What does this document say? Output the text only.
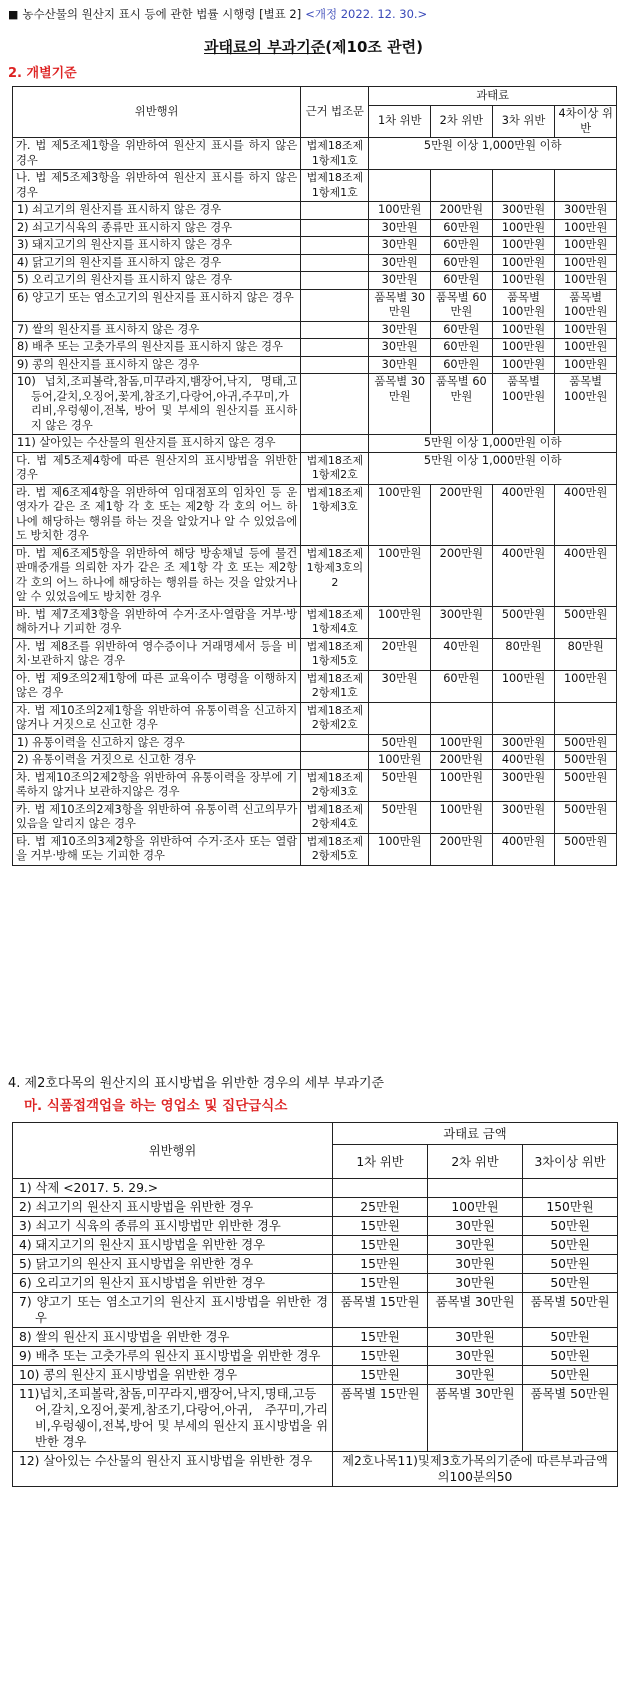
■ 농수산물의 원산지 표시 등에 관한 법률 시행령 [별표 2] <개정 2022. 12. 30.>
과태료의 부과기준(제10조 관련)
2. 개별기준
위반행위	근거 법조문	과태료			
		1차 위반	2차 위반	3차 위반	4차이상 위반
가. 법 제5조제1항을 위반하여 원산지 표시를 하지 않은 경우	법제18조제1항제1호	5만원 이상 1,000만원 이하			
나. 법 제5조제3항을 위반하여 원산지 표시를 하지 않은 경우	법제18조제1항제1호				
1) 쇠고기의 원산지를 표시하지 않은 경우		100만원	200만원	300만원	300만원
2) 쇠고기식육의 종류만 표시하지 않은 경우		30만원	60만원	100만원	100만원
3) 돼지고기의 원산지를 표시하지 않은 경우		30만원	60만원	100만원	100만원
4) 닭고기의 원산지를 표시하지 않은 경우		30만원	60만원	100만원	100만원
5) 오리고기의 원산지를 표시하지 않은 경우		30만원	60만원	100만원	100만원
6) 양고기 또는 염소고기의 원산지를 표시하지 않은 경우		품목별 30만원	품목별 60만원	품목별 100만원	품목별 100만원
7) 쌀의 원산지를 표시하지 않은 경우		30만원	60만원	100만원	100만원
8) 배추 또는 고춧가루의 원산지를 표시하지 않은 경우		30만원	60만원	100만원	100만원
9) 콩의 원산지를 표시하지 않은 경우		30만원	60만원	100만원	100만원
10) 넙치,조피볼락,참돔,미꾸라지,뱀장어,낙지, 명태,고등어,갈치,오징어,꽃게,참조기,다랑어,아귀,주꾸미,가리비,우렁쉥이,전복, 방어 및 부세의 원산지를 표시하지 않은 경우		품목별 30만원	품목별 60만원	품목별 100만원	품목별 100만원
11) 살아있는 수산물의 원산지를 표시하지 않은 경우		5만원 이상 1,000만원 이하			
다. 법 제5조제4항에 따른 원산지의 표시방법을 위반한 경우	법제18조제1항제2호	5만원 이상 1,000만원 이하			
라. 법 제6조제4항을 위반하여 임대점포의 임차인 등 운영자가 같은 조 제1항 각 호 또는 제2항 각 호의 어느 하나에 해당하는 행위를 하는 것을 알았거나 알 수 있었음에도 방치한 경우	법제18조제1항제3호	100만원	200만원	400만원	400만원
마. 법 제6조제5항을 위반하여 해당 방송채널 등에 물건 판매중개를 의뢰한 자가 같은 조 제1항 각 호 또는 제2항 각 호의 어느 하나에 해당하는 행위를 하는 것을 알았거나 알 수 있었음에도 방치한 경우	법제18조제1항제3호의2	100만원	200만원	400만원	400만원
바. 법 제7조제3항을 위반하여 수거·조사·열람을 거부·방해하거나 기피한 경우	법제18조제1항제4호	100만원	300만원	500만원	500만원
사. 법 제8조를 위반하여 영수증이나 거래명세서 등을 비치·보관하지 않은 경우	법제18조제1항제5호	20만원	40만원	80만원	80만원
아. 법 제9조의2제1항에 따른 교육이수 명령을 이행하지 않은 경우	법제18조제2항제1호	30만원	60만원	100만원	100만원
자. 법 제10조의2제1항을 위반하여 유통이력을 신고하지 않거나 거짓으로 신고한 경우	법제18조제2항제2호				
1) 유통이력을 신고하지 않은 경우		50만원	100만원	300만원	500만원
2) 유통이력을 거짓으로 신고한 경우		100만원	200만원	400만원	500만원
차. 법제10조의2제2항을 위반하여 유통이력을 장부에 기록하지 않거나 보관하지않은 경우	법제18조제2항제3호	50만원	100만원	300만원	500만원
카. 법 제10조의2제3항을 위반하여 유통이력 신고의무가 있음을 알리지 않은 경우	법제18조제2항제4호	50만원	100만원	300만원	500만원
타. 법 제10조의3제2항을 위반하여 수거·조사 또는 열람을 거부·방해 또는 기피한 경우	법제18조제2항제5호	100만원	200만원	400만원	500만원
4. 제2호다목의 원산지의 표시방법을 위반한 경우의 세부 부과기준
마. 식품접객업을 하는 영업소 및 집단급식소
위반행위	과태료 금액		
	1차 위반	2차 위반	3차이상 위반
1) 삭제 <2017. 5. 29.>			
2) 쇠고기의 원산지 표시방법을 위반한 경우	25만원	100만원	150만원
3) 쇠고기 식육의 종류의 표시방법만 위반한 경우	15만원	30만원	50만원
4) 돼지고기의 원산지 표시방법을 위반한 경우	15만원	30만원	50만원
5) 닭고기의 원산지 표시방법을 위반한 경우	15만원	30만원	50만원
6) 오리고기의 원산지 표시방법을 위반한 경우	15만원	30만원	50만원
7) 양고기 또는 염소고기의 원산지 표시방법을 위반한 경우	품목별 15만원	품목별 30만원	품목별 50만원
8) 쌀의 원산지 표시방법을 위반한 경우	15만원	30만원	50만원
9) 배추 또는 고춧가루의 원산지 표시방법을 위반한 경우	15만원	30만원	50만원
10) 콩의 원산지 표시방법을 위반한 경우	15만원	30만원	50만원
11)넙치,조피볼락,참돔,미꾸라지,뱀장어,낙지,명태,고등어,갈치,오징어,꽃게,참조기,다랑어,아귀, 주꾸미,가리비,우렁쉥이,전복,방어 및 부세의 원산지 표시방법을 위반한 경우	품목별 15만원	품목별 30만원	품목별 50만원
12) 살아있는 수산물의 원산지 표시방법을 위반한 경우	제2호나목11)및제3호가목의기준에 따른부과금액의100분의50		
